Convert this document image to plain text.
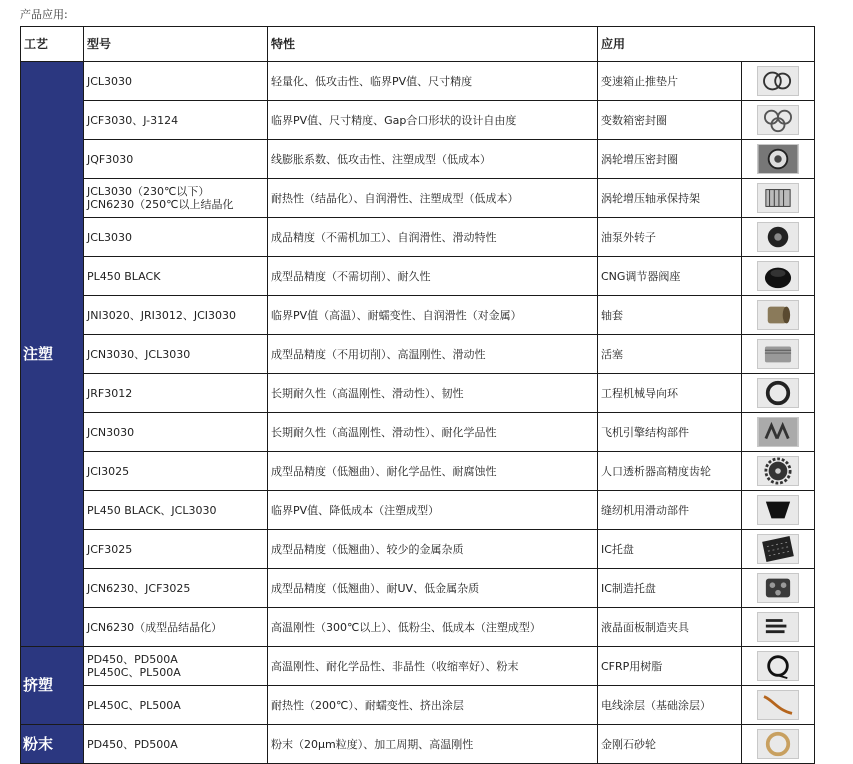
产品应用:
工艺	型号	特性	应用	
注塑	JCL3030	轻量化、低攻击性、临界PV值、尺寸精度	变速箱止推垫片	

	JCF3030、J-3124	临界PV值、尺寸精度、Gap合口形状的设计自由度	变数箱密封圈	

	JQF3030	线膨胀系数、低攻击性、注塑成型（低成本）	涡轮增压密封圈	

	JCL3030（230℃以下）
JCN6230（250℃以上结晶化	耐热性（结晶化）、自润滑性、注塑成型（低成本）	涡轮增压轴承保持架	

	JCL3030	成品精度（不需机加工）、自润滑性、滑动特性	油泵外转子	

	PL450 BLACK	成型品精度（不需切削）、耐久性	CNG调节器阀座	

	JNI3020、JRI3012、JCI3030	临界PV值（高温）、耐蠕变性、自润滑性（对金属）	轴套	

	JCN3030、JCL3030	成型品精度（不用切削）、高温刚性、滑动性	活塞	

	JRF3012	长期耐久性（高温刚性、滑动性）、韧性	工程机械导向环	

	JCN3030	长期耐久性（高温刚性、滑动性）、耐化学品性	飞机引擎结构部件	

	JCI3025	成型品精度（低翘曲）、耐化学品性、耐腐蚀性	人口透析器高精度齿轮	

	PL450 BLACK、JCL3030	临界PV值、降低成本（注塑成型）	缝纫机用滑动部件	

	JCF3025	成型品精度（低翘曲）、较少的金属杂质	IC托盘	

	JCN6230、JCF3025	成型品精度（低翘曲）、耐UV、低金属杂质	IC制造托盘	

	JCN6230（成型品结晶化）	高温刚性（300℃以上）、低粉尘、低成本（注塑成型）	液晶面板制造夹具	

挤塑	PD450、PD500A
PL450C、PL500A	高温刚性、耐化学品性、非晶性（收缩率好）、粉末	CFRP用树脂	

	PL450C、PL500A	耐热性（200℃）、耐蠕变性、挤出涂层	电线涂层（基础涂层）	

粉末	PD450、PD500A	粉末（20μm粒度）、加工周期、高温刚性	金刚石砂轮	
